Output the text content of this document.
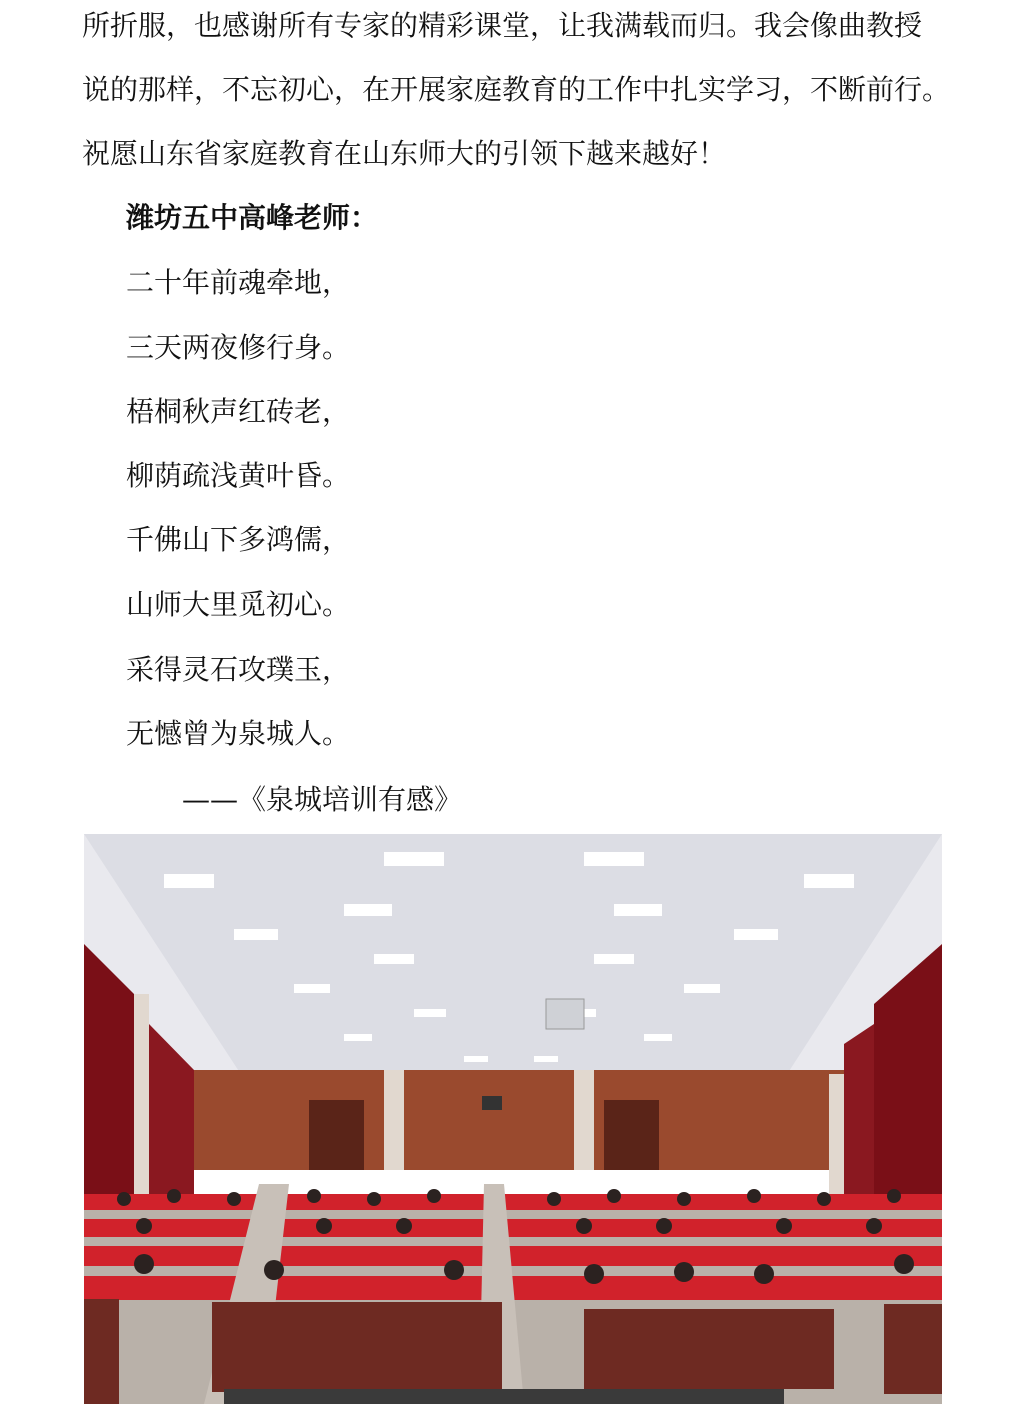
所折服，也感谢所有专家的精彩课堂，让我满载而归。我会像曲教授
说的那样，不忘初心，在开展家庭教育的工作中扎实学习，不断前行。
祝愿山东省家庭教育在山东师大的引领下越来越好！
潍坊五中高峰老师：
二十年前魂牵地，
三天两夜修行身。
梧桐秋声红砖老，
柳荫疏浅黄叶昏。
千佛山下多鸿儒，
山师大里觅初心。
采得灵石攻璞玉，
无憾曾为泉城人。
——《泉城培训有感》
